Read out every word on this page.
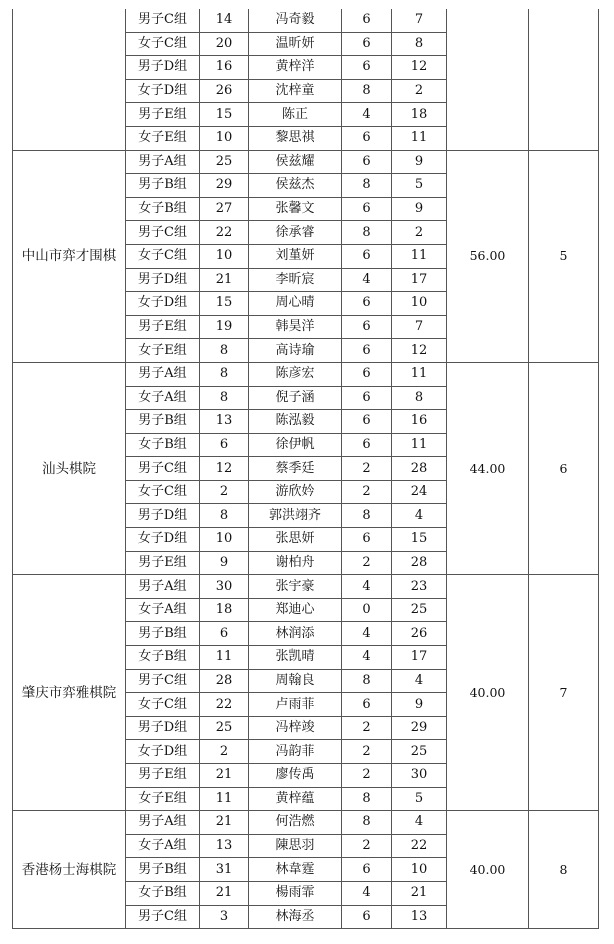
	男子C组	14	冯奇毅	6	7		
	女子C组	20	温昕妍	6	8		
	男子D组	16	黄梓洋	6	12		
	女子D组	26	沈梓童	8	2		
	男子E组	15	陈正	4	18		
	女子E组	10	黎思祺	6	11		
中山市弈才围棋	男子A组	25	侯兹耀	6	9	56.00	5
	男子B组	29	侯兹杰	8	5		
	女子B组	27	张馨文	6	9		
	男子C组	22	徐承睿	8	2		
	女子C组	10	刘堇妍	6	11		
	男子D组	21	李昕宸	4	17		
	女子D组	15	周心晴	6	10		
	男子E组	19	韩昊洋	6	7		
	女子E组	8	高诗瑜	6	12		
汕头棋院	男子A组	8	陈彦宏	6	11	44.00	6
	女子A组	8	倪子涵	6	8		
	男子B组	13	陈泓毅	6	16		
	女子B组	6	徐伊帆	6	11		
	男子C组	12	蔡季廷	2	28		
	女子C组	2	游欣妗	2	24		
	男子D组	8	郭洪翊齐	8	4		
	女子D组	10	张思妍	6	15		
	男子E组	9	谢柏舟	2	28		
肇庆市弈雅棋院	男子A组	30	张宇豪	4	23	40.00	7
	女子A组	18	郑迪心	0	25		
	男子B组	6	林润添	4	26		
	女子B组	11	张凯晴	4	17		
	男子C组	28	周翰良	8	4		
	女子C组	22	卢雨菲	6	9		
	男子D组	25	冯梓竣	2	29		
	女子D组	2	冯韵菲	2	25		
	男子E组	21	廖传禹	2	30		
	女子E组	11	黄梓蕴	8	5		
香港杨士海棋院	男子A组	21	何浩燃	8	4	40.00	8
	女子A组	13	陳思羽	2	22		
	男子B组	31	林韋霆	6	10		
	女子B组	21	楊雨霏	4	21		
	男子C组	3	林海丞	6	13		
